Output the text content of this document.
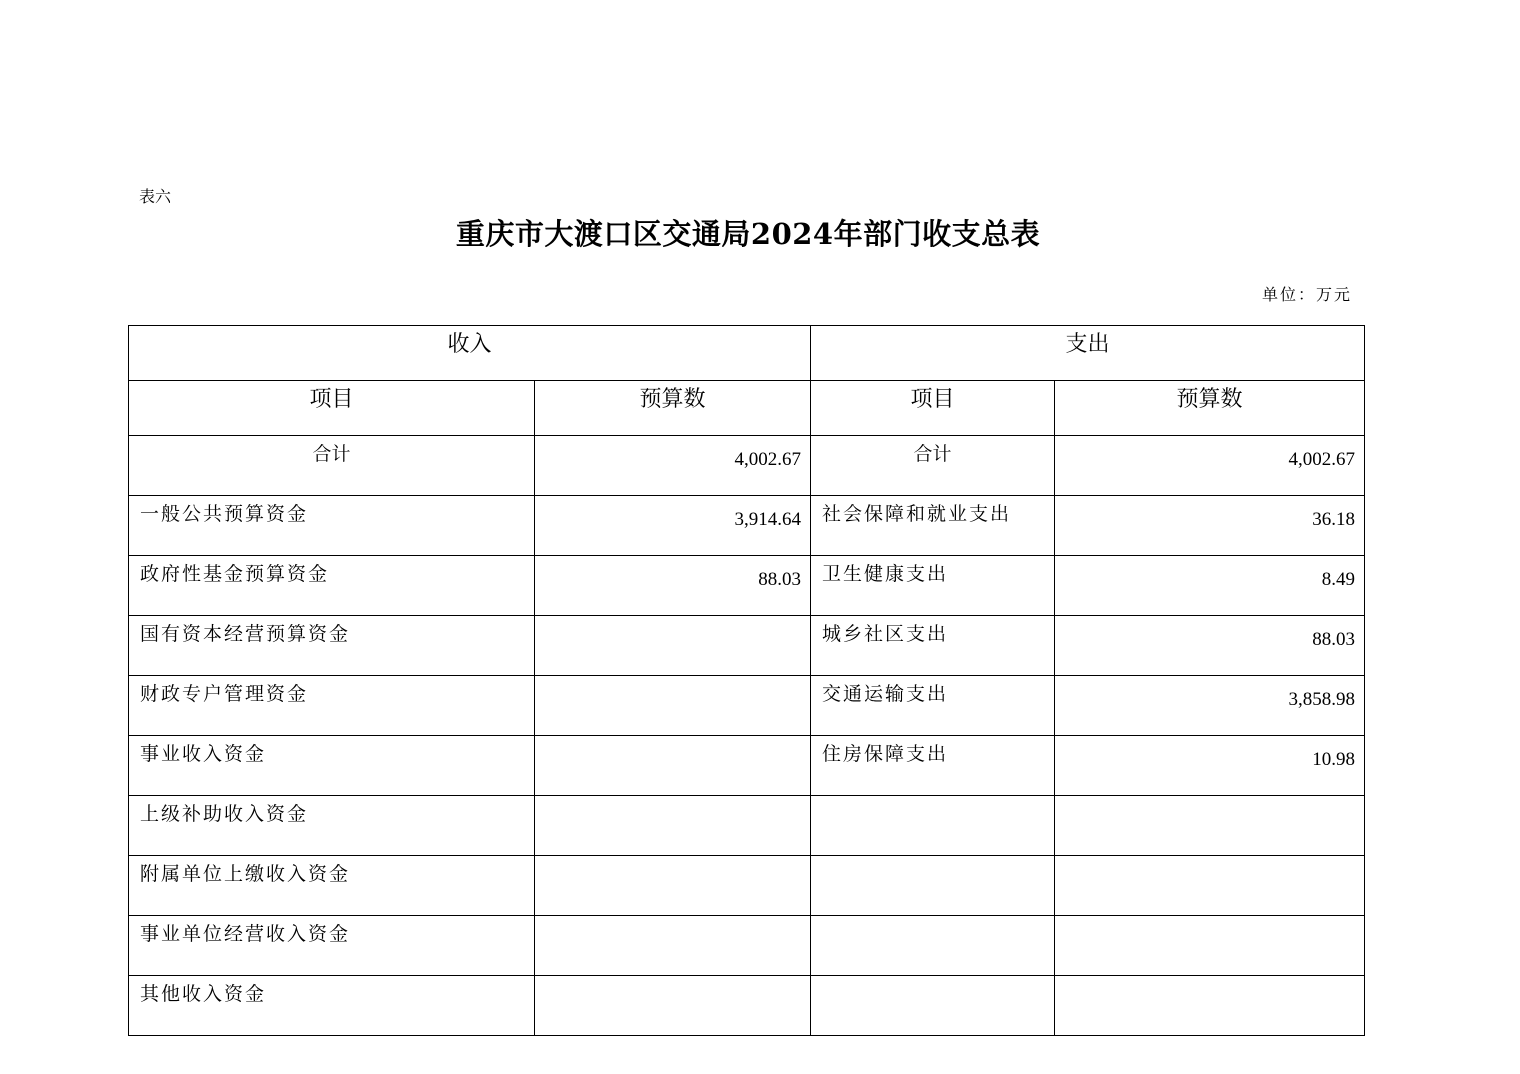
表六
重庆市大渡口区交通局2024年部门收支总表
单位：万元
收入		支出	
项目	预算数	项目	预算数
合计	4,002.67	合计	4,002.67
一般公共预算资金	3,914.64	社会保障和就业支出	36.18
政府性基金预算资金	88.03	卫生健康支出	8.49
国有资本经营预算资金		城乡社区支出	88.03
财政专户管理资金		交通运输支出	3,858.98
事业收入资金		住房保障支出	10.98
上级补助收入资金			
附属单位上缴收入资金			
事业单位经营收入资金			
其他收入资金			
